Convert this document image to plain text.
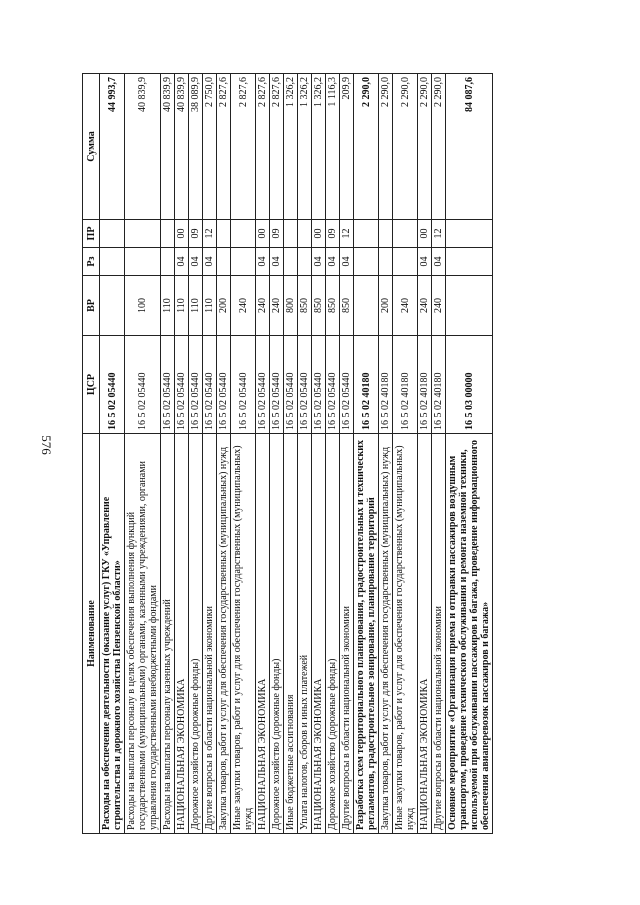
576
Наименование	ЦСР	ВР	Рз	ПР	Сумма
Расходы на обеспечение деятельности (оказание услуг) ГКУ «Управление строительства и дорожного хозяйства Пензенской области»	16 5 02 05440				44 993,7
Расходы на выплаты персоналу в целях обеспечения выполнения функций государственными (муниципальными) органами, казенными учреждениями, органами управления государственными внебюджетными фондами	16 5 02 05440	100			40 839,9
Расходы на выплаты персоналу казенных учреждений	16 5 02 05440	110			40 839,9
НАЦИОНАЛЬНАЯ ЭКОНОМИКА	16 5 02 05440	110	04	00	40 839,9
Дорожное хозяйство (дорожные фонды)	16 5 02 05440	110	04	09	38 089,9
Другие вопросы в области национальной экономики	16 5 02 05440	110	04	12	2 750,0
Закупка товаров, работ и услуг для обеспечения государственных (муниципальных) нужд	16 5 02 05440	200			2 827,6
Иные закупки товаров, работ и услуг для обеспечения государственных (муниципальных) нужд	16 5 02 05440	240			2 827,6
НАЦИОНАЛЬНАЯ ЭКОНОМИКА	16 5 02 05440	240	04	00	2 827,6
Дорожное хозяйство (дорожные фонды)	16 5 02 05440	240	04	09	2 827,6
Иные бюджетные ассигнования	16 5 02 05440	800			1 326,2
Уплата налогов, сборов и иных платежей	16 5 02 05440	850			1 326,2
НАЦИОНАЛЬНАЯ ЭКОНОМИКА	16 5 02 05440	850	04	00	1 326,2
Дорожное хозяйство (дорожные фонды)	16 5 02 05440	850	04	09	1 116,3
Другие вопросы в области национальной экономики	16 5 02 05440	850	04	12	209,9
Разработка схем территориального планирования, градостроительных и технических регламентов, градостроительное зонирование, планирование территорий	16 5 02 40180				2 290,0
Закупка товаров, работ и услуг для обеспечения государственных (муниципальных) нужд	16 5 02 40180	200			2 290,0
Иные закупки товаров, работ и услуг для обеспечения государственных (муниципальных) нужд	16 5 02 40180	240			2 290,0
НАЦИОНАЛЬНАЯ ЭКОНОМИКА	16 5 02 40180	240	04	00	2 290,0
Другие вопросы в области национальной экономики	16 5 02 40180	240	04	12	2 290,0
Основное мероприятие «Организация приема и отправки пассажиров воздушным транспортом, проведение технического обслуживания и ремонта наземной техники, используемой при обслуживании пассажиров и багажа, проведение информационного обеспечения авиаперевозок пассажиров и багажа»	16 5 03 00000				84 087,6
